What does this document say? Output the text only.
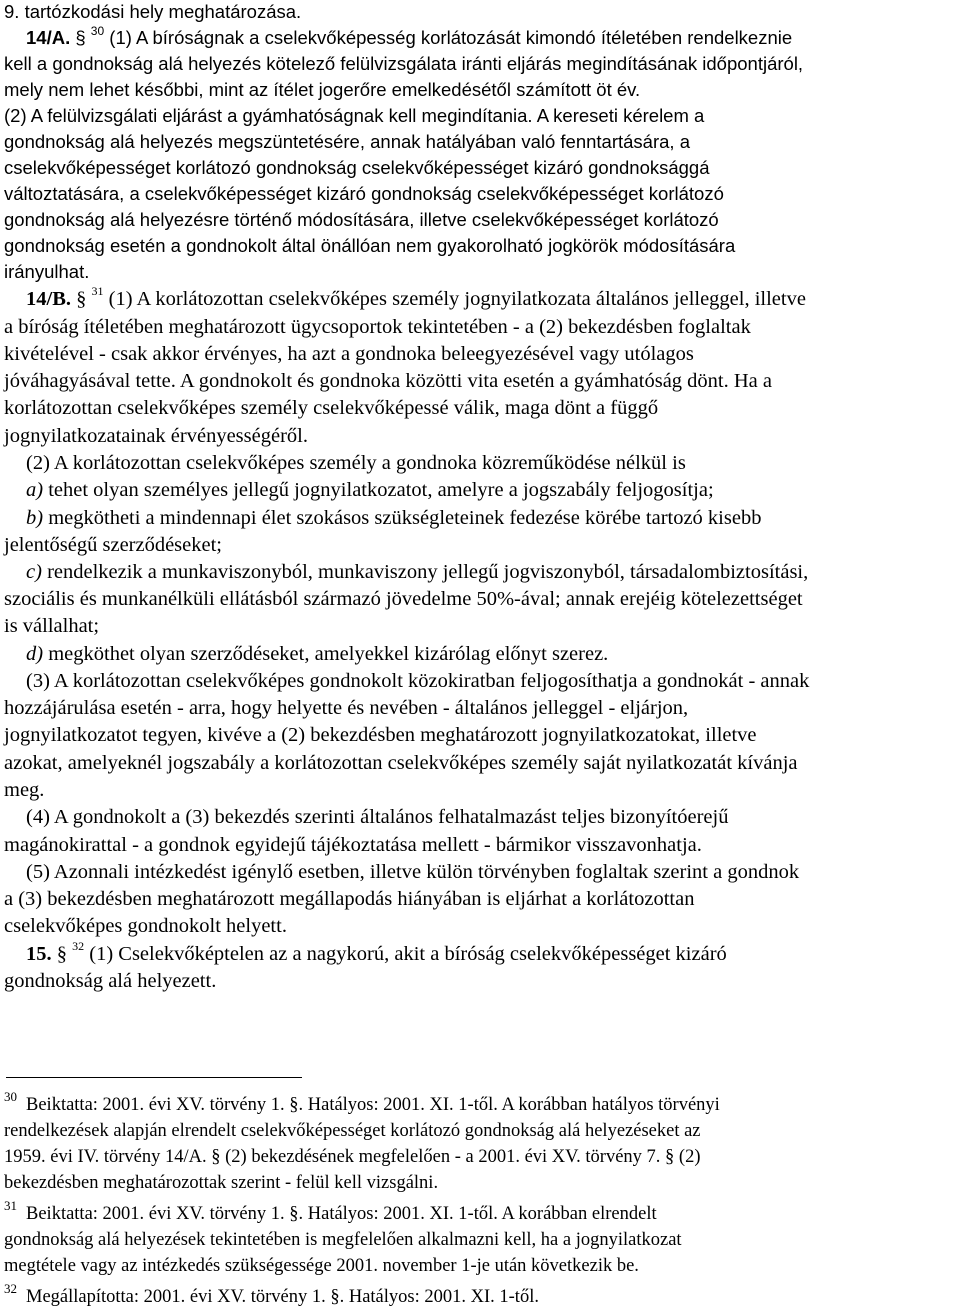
9. tartózkodási hely meghatározása.
14/A. § $^{30}$ (1) A bíróságnak a cselekvőképesség korlátozását kimondó ítéletében rendelkeznie
kell a gondnokság alá helyezés kötelező felülvizsgálata iránti eljárás megindításának időpontjáról,
mely nem lehet későbbi, mint az ítélet jogerőre emelkedésétől számított öt év.
(2) A felülvizsgálati eljárást a gyámhatóságnak kell megindítania. A kereseti kérelem a
gondnokság alá helyezés megszüntetésére, annak hatályában való fenntartására, a
cselekvőképességet korlátozó gondnokság cselekvőképességet kizáró gondnoksággá
változtatására, a cselekvőképességet kizáró gondnokság cselekvőképességet korlátozó
gondnokság alá helyezésre történő módosítására, illetve cselekvőképességet korlátozó
gondnokság esetén a gondnokolt által önállóan nem gyakorolható jogkörök módosítására
irányulhat.
14/B. § $^{31}$ (1) A korlátozottan cselekvőképes személy jognyilatkozata általános jelleggel, illetve
a bíróság ítéletében meghatározott ügycsoportok tekintetében - a (2) bekezdésben foglaltak
kivételével - csak akkor érvényes, ha azt a gondnoka beleegyezésével vagy utólagos
jóváhagyásával tette. A gondnokolt és gondnoka közötti vita esetén a gyámhatóság dönt. Ha a
korlátozottan cselekvőképes személy cselekvőképessé válik, maga dönt a függő
jognyilatkozatainak érvényességéről.
(2) A korlátozottan cselekvőképes személy a gondnoka közreműködése nélkül is
a) tehet olyan személyes jellegű jognyilatkozatot, amelyre a jogszabály feljogosítja;
b) megkötheti a mindennapi élet szokásos szükségleteinek fedezése körébe tartozó kisebb
jelentőségű szerződéseket;
c) rendelkezik a munkaviszonyból, munkaviszony jellegű jogviszonyból, társadalombiztosítási,
szociális és munkanélküli ellátásból származó jövedelme 50%-ával; annak erejéig kötelezettséget
is vállalhat;
d) megköthet olyan szerződéseket, amelyekkel kizárólag előnyt szerez.
(3) A korlátozottan cselekvőképes gondnokolt közokiratban feljogosíthatja a gondnokát - annak
hozzájárulása esetén - arra, hogy helyette és nevében - általános jelleggel - eljárjon,
jognyilatkozatot tegyen, kivéve a (2) bekezdésben meghatározott jognyilatkozatokat, illetve
azokat, amelyeknél jogszabály a korlátozottan cselekvőképes személy saját nyilatkozatát kívánja
meg.
(4) A gondnokolt a (3) bekezdés szerinti általános felhatalmazást teljes bizonyítóerejű
magánokirattal - a gondnok egyidejű tájékoztatása mellett - bármikor visszavonhatja.
(5) Azonnali intézkedést igénylő esetben, illetve külön törvényben foglaltak szerint a gondnok
a (3) bekezdésben meghatározott megállapodás hiányában is eljárhat a korlátozottan
cselekvőképes gondnokolt helyett.
15. § $^{32}$ (1) Cselekvőképtelen az a nagykorú, akit a bíróság cselekvőképességet kizáró
gondnokság alá helyezett.
$^{30}$ Beiktatta: 2001. évi XV. törvény 1. §. Hatályos: 2001. XI. 1-től. A korábban hatályos törvényi
rendelkezések alapján elrendelt cselekvőképességet korlátozó gondnokság alá helyezéseket az
1959. évi IV. törvény 14/A. § (2) bekezdésének megfelelően - a 2001. évi XV. törvény 7. § (2)
bekezdésben meghatározottak szerint - felül kell vizsgálni.
$^{31}$ Beiktatta: 2001. évi XV. törvény 1. §. Hatályos: 2001. XI. 1-től. A korábban elrendelt
gondnokság alá helyezések tekintetében is megfelelően alkalmazni kell, ha a jognyilatkozat
megtétele vagy az intézkedés szükségessége 2001. november 1-je után következik be.
$^{32}$ Megállapította: 2001. évi XV. törvény 1. §. Hatályos: 2001. XI. 1-től.
